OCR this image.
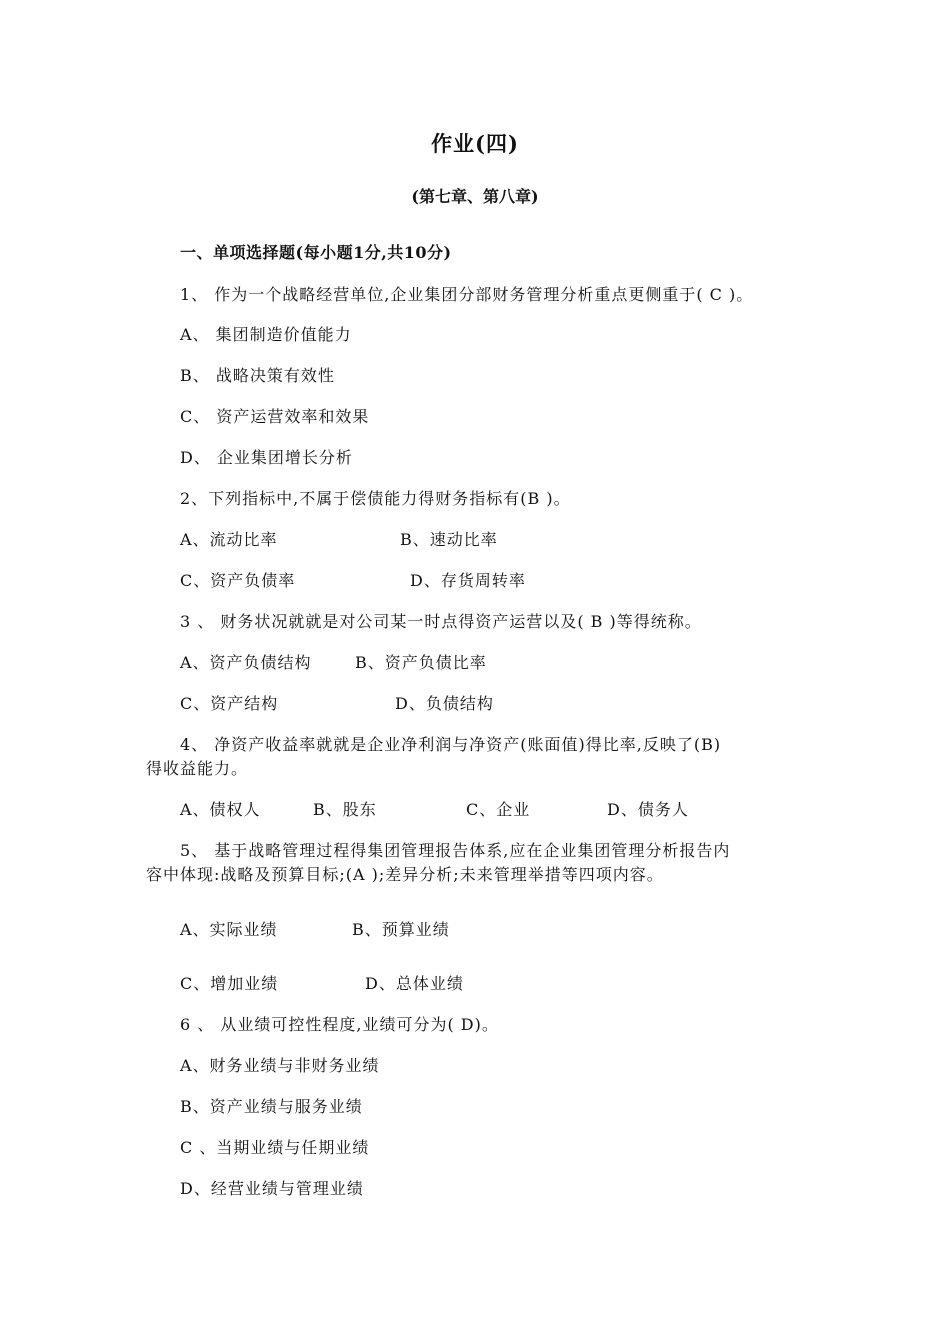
作业(四)
(第七章、第八章)
一、单项选择题(每小题1分,共10分)
1、 作为一个战略经营单位,企业集团分部财务管理分析重点更侧重于( C )。
A、 集团制造价值能力
B、 战略决策有效性
C、 资产运营效率和效果
D、 企业集团增长分析
2、下列指标中,不属于偿债能力得财务指标有(B )。
A、流动比率	B、速动比率
C、资产负债率	D、存货周转率
3 、 财务状况就就是对公司某一时点得资产运营以及( B )等得统称。
A、资产负债结构	B、资产负债比率
C、资产结构	D、负债结构
4、 净资产收益率就就是企业净利润与净资产(账面值)得比率,反映了(B)
得收益能力。
A、债权人	B、股东	C、企业	D、债务人
5、 基于战略管理过程得集团管理报告体系,应在企业集团管理分析报告内
容中体现:战略及预算目标;(A );差异分析;未来管理举措等四项内容。
A、实际业绩	B、预算业绩
C、增加业绩	D、总体业绩
6 、 从业绩可控性程度,业绩可分为( D)。
A、财务业绩与非财务业绩
B、资产业绩与服务业绩
C 、当期业绩与任期业绩
D、经营业绩与管理业绩
